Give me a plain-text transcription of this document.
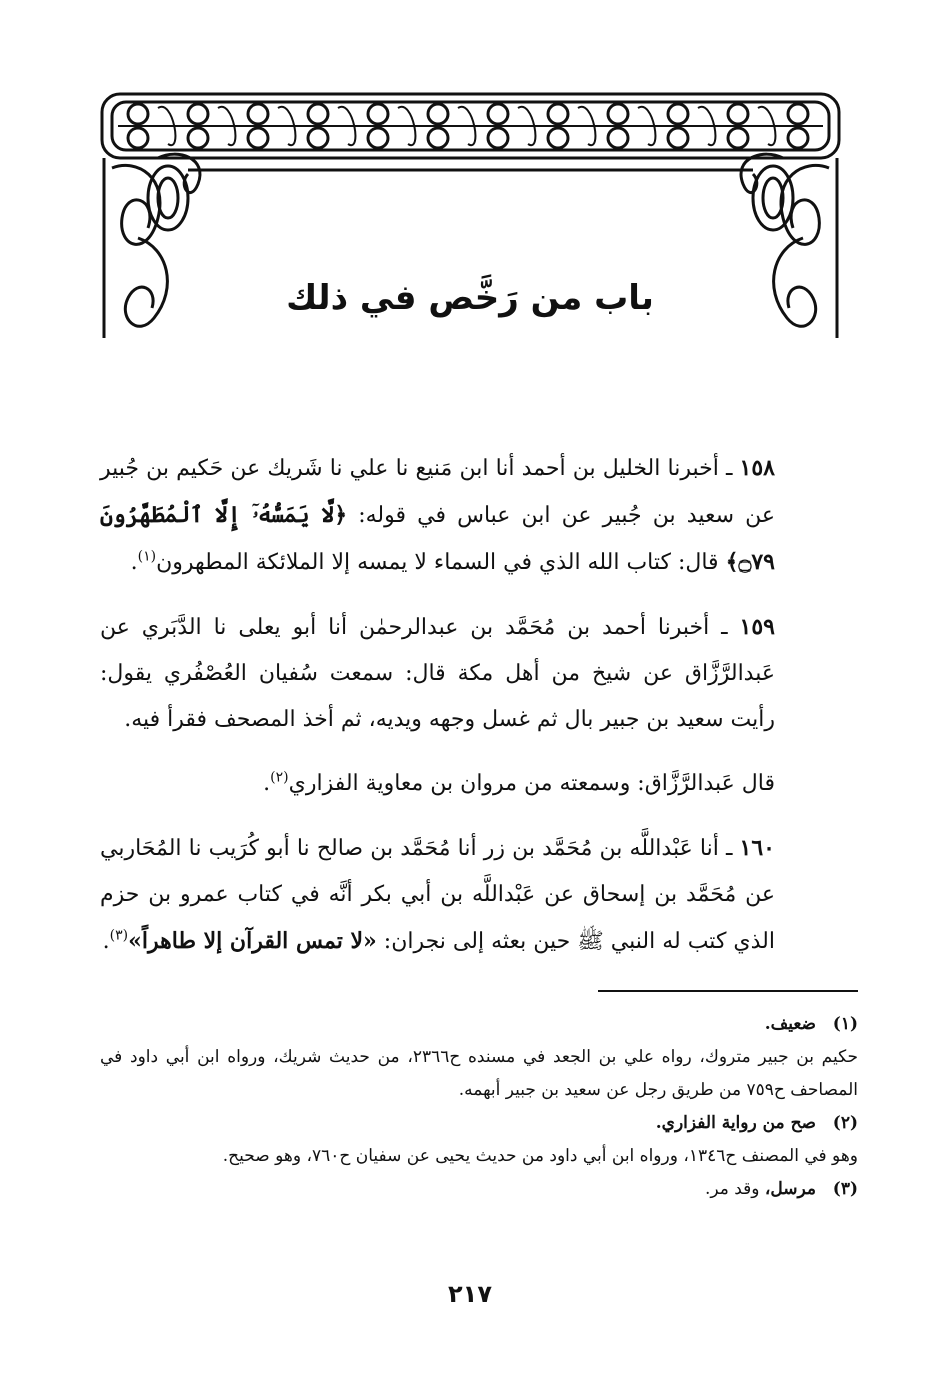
باب من رَخَّص في ذلك

١٥٨ ـ أخبرنا الخليل بن أحمد أنا ابن مَنيع نا علي نا شَريك عن حَكيم بن جُبير عن سعيد بن جُبير عن ابن عباس في قوله: ﴿لَّا يَمَسُّهُۥٓ إِلَّا ٱلْمُطَهَّرُونَ ۝٧٩﴾ قال: كتاب الله الذي في السماء لا يمسه إلا الملائكة المطهرون$^{(١)}$.

١٥٩ ـ أخبرنا أحمد بن مُحَمَّد بن عبدالرحمٰن أنا أبو يعلى نا الدَّبَري عن عَبدالرَّزَّاق عن شيخ من أهل مكة قال: سمعت سُفيان العُصْفُري يقول: رأيت سعيد بن جبير بال ثم غسل وجهه ويديه، ثم أخذ المصحف فقرأ فيه.

قال عَبدالرَّزَّاق: وسمعته من مروان بن معاوية الفزاري$^{(٢)}$.

١٦٠ ـ أنا عَبْداللَّه بن مُحَمَّد بن زر أنا مُحَمَّد بن صالح نا أبو كُرَيب نا المُحَاربي عن مُحَمَّد بن إسحاق عن عَبْداللَّه بن أبي بكر أنَّه في كتاب عمرو بن حزم الذي كتب له النبي ﷺ حين بعثه إلى نجران: «لا تمس القرآن إلا طاهراً»$^{(٣)}$.

(١)ضعيف.

حكيم بن جبير متروك، رواه علي بن الجعد في مسنده ح٢٣٦٦، من حديث شريك، ورواه ابن أبي داود في المصاحف ح٧٥٩ من طريق رجل عن سعيد بن جبير أبهمه.

(٢)صح من رواية الفزاري.

وهو في المصنف ح١٣٤٦، ورواه ابن أبي داود من حديث يحيى عن سفيان ح٧٦٠، وهو صحيح.

(٣)مرسل، وقد مر.

٢١٧
